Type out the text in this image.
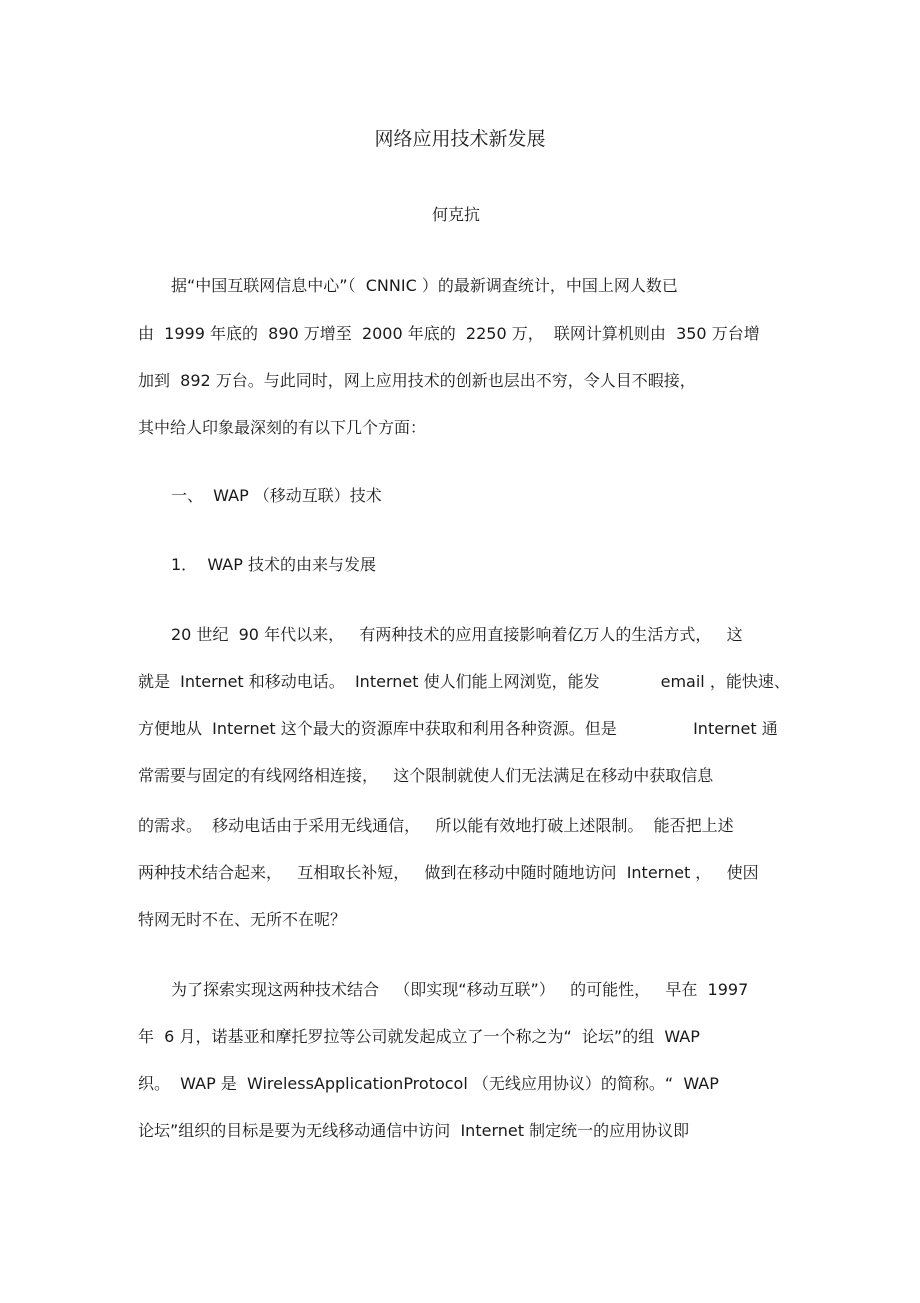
网络应用技术新发展

何克抗

据“中国互联网信息中心”（  CNNIC ）的最新调查统计，中国上网人数已

由  1999 年底的  890 万增至  2000 年底的  2250 万，  联网计算机则由  350 万台增

加到  892 万台。与此同时，网上应用技术的创新也层出不穷，令人目不暇接，

其中给人印象最深刻的有以下几个方面：

一、  WAP （移动互联）技术

1．  WAP 技术的由来与发展

20 世纪  90 年代以来，   有两种技术的应用直接影响着亿万人的生活方式，   这

就是  Internet 和移动电话。  Internet 使人们能上网浏览，能发            email ，能快速、

方便地从  Internet 这个最大的资源库中获取和利用各种资源。但是               Internet 通

常需要与固定的有线网络相连接，   这个限制就使人们无法满足在移动中获取信息

的需求。  移动电话由于采用无线通信，   所以能有效地打破上述限制。  能否把上述

两种技术结合起来，   互相取长补短，   做到在移动中随时随地访问  Internet ，   使因

特网无时不在、无所不在呢？

为了探索实现这两种技术结合   （即实现“移动互联”）   的可能性，   早在  1997

年  6 月，诺基亚和摩托罗拉等公司就发起成立了一个称之为“  论坛”的组  WAP

织。  WAP 是  WirelessApplicationProtocol （无线应用协议）的简称。“  WAP

论坛”组织的目标是要为无线移动通信中访问  Internet 制定统一的应用协议即
